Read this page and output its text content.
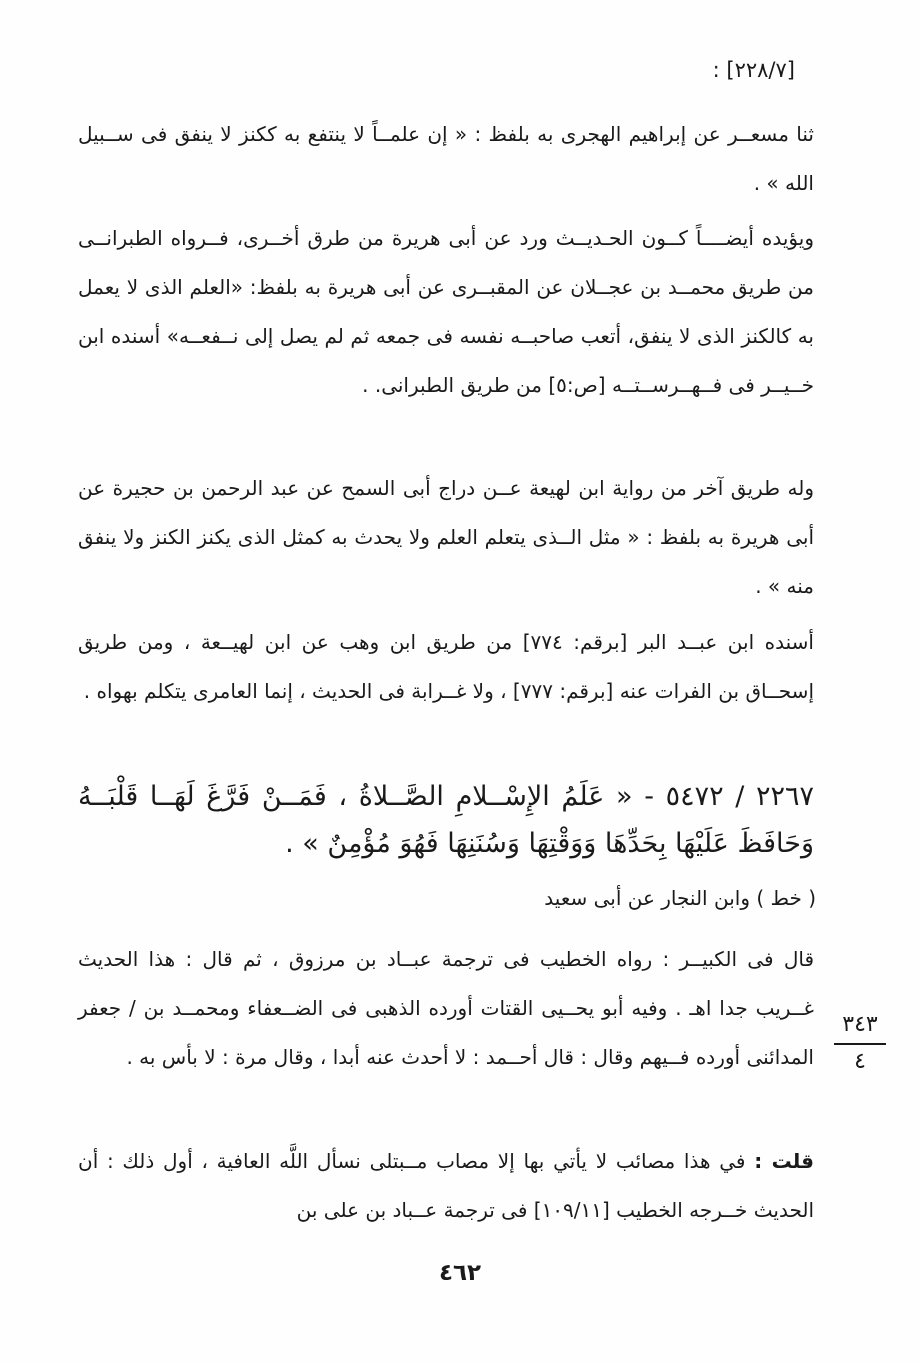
: [٢٢٨/٧]
ثنا مسعــر عن إبراهيم الهجرى به بلفظ : « إن علمــاً لا ينتفع به ككنز لا ينفق فى ســبيل الله » .
ويؤيده أيضــــاً كــون الحـديــث ورد عن أبى هريرة من طرق أخــرى، فــرواه الطبرانــى من طريق محمــد بن عجــلان عن المقبــرى عن أبى هريرة به بلفظ: «العلم الذى لا يعمل به كالكنز الذى لا ينفق، أتعب صاحبــه نفسه فى جمعه ثم لم يصل إلى نــفعــه» أسنده ابن خــيــر فى فــهــرســتــه [ص:٥] من طريق الطبرانى. .
وله طريق آخر من رواية ابن لهيعة عــن دراج أبى السمح عن عبد الرحمن بن حجيرة عن أبى هريرة به بلفظ : « مثل الــذى يتعلم العلم ولا يحدث به كمثل الذى يكنز الكنز ولا ينفق منه » .
أسنده ابن عبــد البر [برقم: ٧٧٤] من طريق ابن وهب عن ابن لهيــعة ، ومن طريق إسحــاق بن الفرات عنه [برقم: ٧٧٧] ، ولا غــرابة فى الحديث ، إنما العامرى يتكلم بهواه .
٢٢٦٧ / ٥٤٧٢ - « عَلَمُ الإِسْــلامِ الصَّــلاةُ ، فَمَــنْ فَرَّغَ لَهَــا قَلْبَــهُ وَحَافَظَ عَلَيْهَا بِحَدِّهَا وَوَقْتِهَا وَسُنَنِهَا فَهُوَ مُؤْمِنٌ » .
( خط ) وابن النجار عن أبى سعيد
قال فى الكبيــر : رواه الخطيب فى ترجمة عبــاد بن مرزوق ، ثم قال : هذا الحديث غــريب جدا اهـ . وفيه أبو يحــيى القتات أورده الذهبى فى الضــعفاء ومحمــد بن / جعفر المدائنى أورده فــيهم وقال : قال أحــمد : لا أحدث عنه أبدا ، وقال مرة : لا بأس به .
قلت : في هذا مصائب لا يأتي بها إلا مصاب مــبتلى نسأل اللَّه العافية ، أول ذلك : أن الحديث خــرجه الخطيب [١٠٩/١١] فى ترجمة عــباد بن على بن
٣٤٣
٤
٤٦٢
